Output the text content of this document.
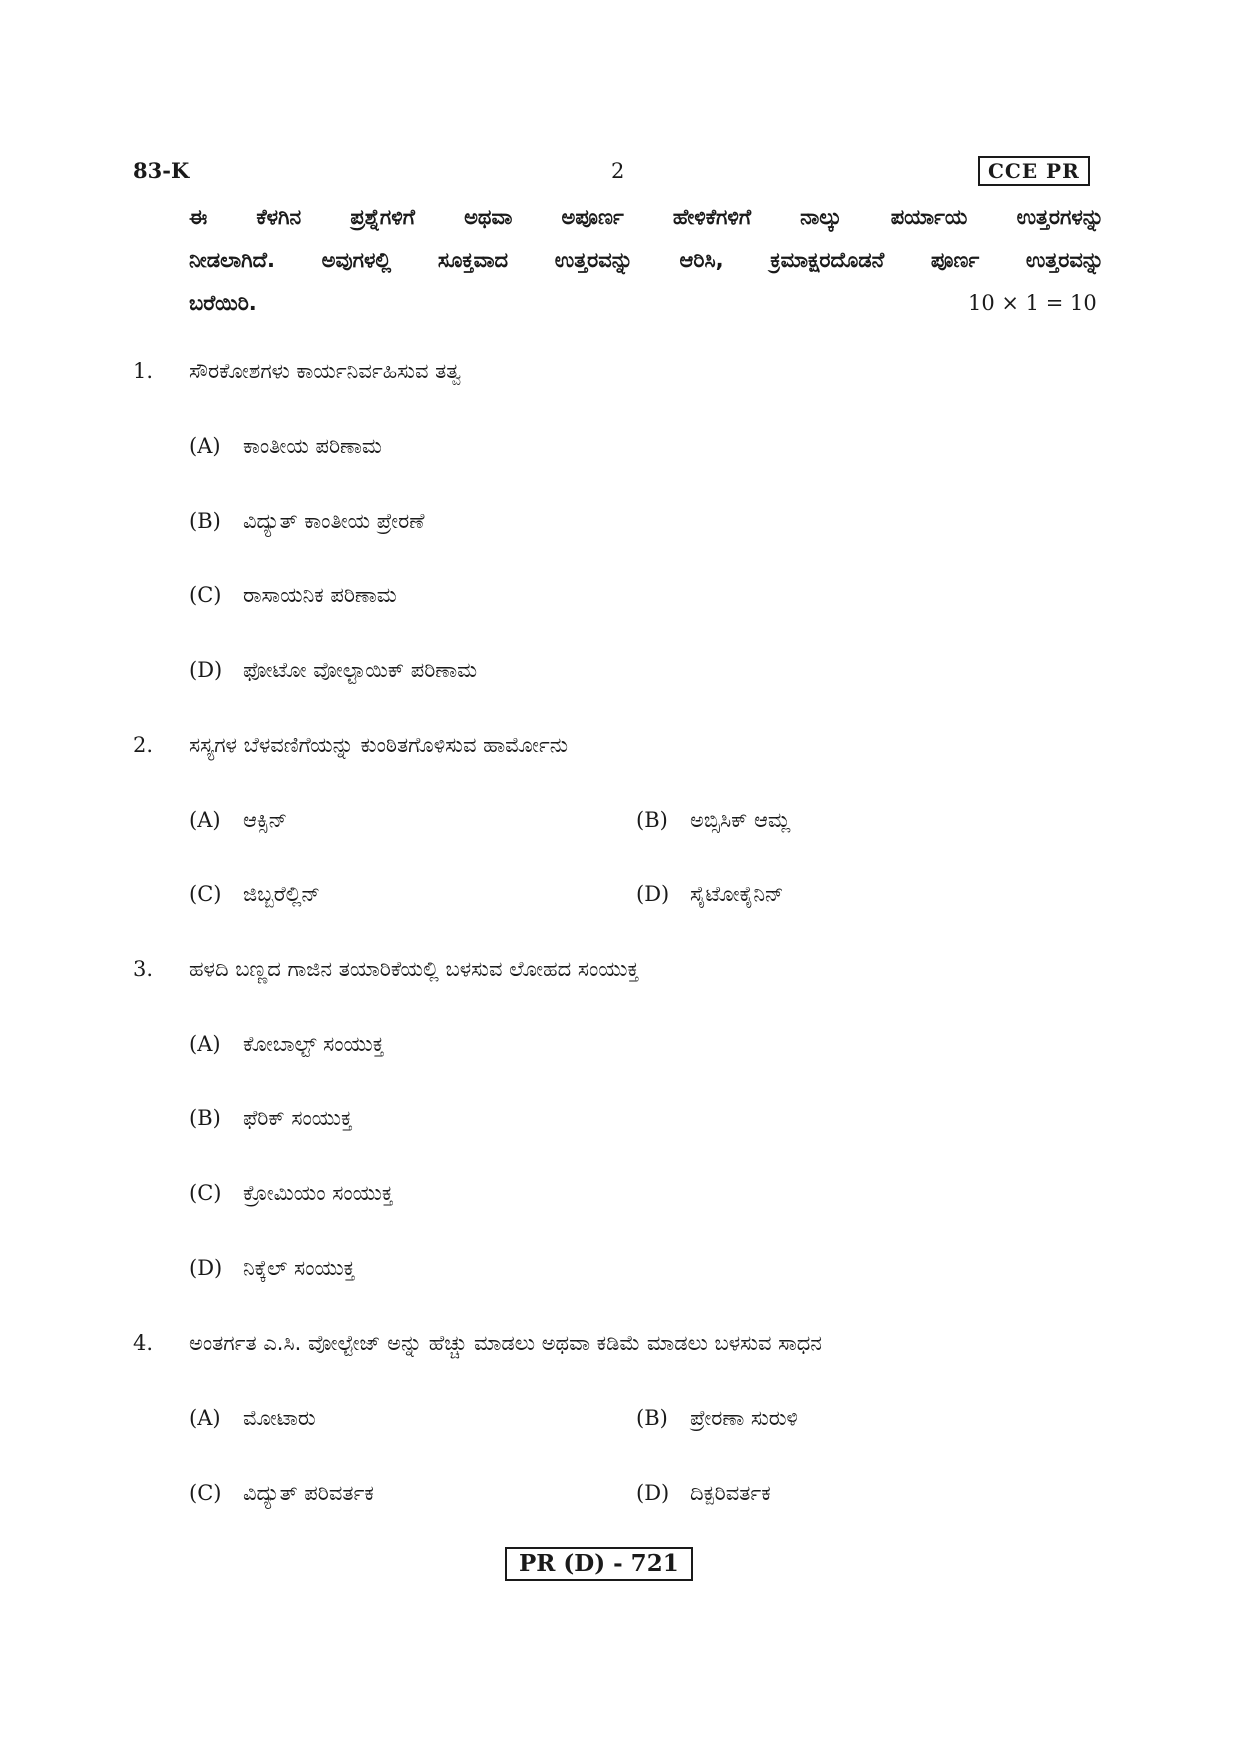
83-K	2	CCE PR

ಈ ಕೆಳಗಿನ ಪ್ರಶ್ನೆಗಳಿಗೆ ಅಥವಾ ಅಪೂರ್ಣ ಹೇಳಿಕೆಗಳಿಗೆ ನಾಲ್ಕು ಪರ್ಯಾಯ ಉತ್ತರಗಳನ್ನು

ನೀಡಲಾಗಿದೆ. ಅವುಗಳಲ್ಲಿ ಸೂಕ್ತವಾದ ಉತ್ತರವನ್ನು ಆರಿಸಿ, ಕ್ರಮಾಕ್ಷರದೊಡನೆ ಪೂರ್ಣ ಉತ್ತರವನ್ನು

ಬರೆಯಿರಿ.	10 × 1 = 10
1. ಸೌರಕೋಶಗಳು ಕಾರ್ಯನಿರ್ವಹಿಸುವ ತತ್ವ
(A) ಕಾಂತೀಯ ಪರಿಣಾಮ
(B) ವಿದ್ಯುತ್ ಕಾಂತೀಯ ಪ್ರೇರಣೆ
(C) ರಾಸಾಯನಿಕ ಪರಿಣಾಮ
(D) ಫೋಟೋ ವೋಲ್ಟಾಯಿಕ್ ಪರಿಣಾಮ
2. ಸಸ್ಯಗಳ ಬೆಳವಣಿಗೆಯನ್ನು ಕುಂಠಿತಗೊಳಿಸುವ ಹಾರ್ಮೋನು
(A) ಆಕ್ಸಿನ್	(B) ಅಬ್ಸಿಸಿಕ್ ಆಮ್ಲ
(C) ಜಿಬ್ಬರೆಲ್ಲಿನ್	(D) ಸೈಟೋಕೈನಿನ್
3. ಹಳದಿ ಬಣ್ಣದ ಗಾಜಿನ ತಯಾರಿಕೆಯಲ್ಲಿ ಬಳಸುವ ಲೋಹದ ಸಂಯುಕ್ತ
(A) ಕೋಬಾಲ್ಟ್ ಸಂಯುಕ್ತ
(B) ಫೆರಿಕ್ ಸಂಯುಕ್ತ
(C) ಕ್ರೋಮಿಯಂ ಸಂಯುಕ್ತ
(D) ನಿಕ್ಕೆಲ್ ಸಂಯುಕ್ತ
4. ಅಂತರ್ಗತ ಎ.ಸಿ. ವೋಲ್ಟೇಜ್ ಅನ್ನು ಹೆಚ್ಚು ಮಾಡಲು ಅಥವಾ ಕಡಿಮೆ ಮಾಡಲು ಬಳಸುವ ಸಾಧನ
(A) ಮೋಟಾರು	(B) ಪ್ರೇರಣಾ ಸುರುಳಿ
(C) ವಿದ್ಯುತ್ ಪರಿವರ್ತಕ	(D) ದಿಕ್ಪರಿವರ್ತಕ
PR (D) - 721
